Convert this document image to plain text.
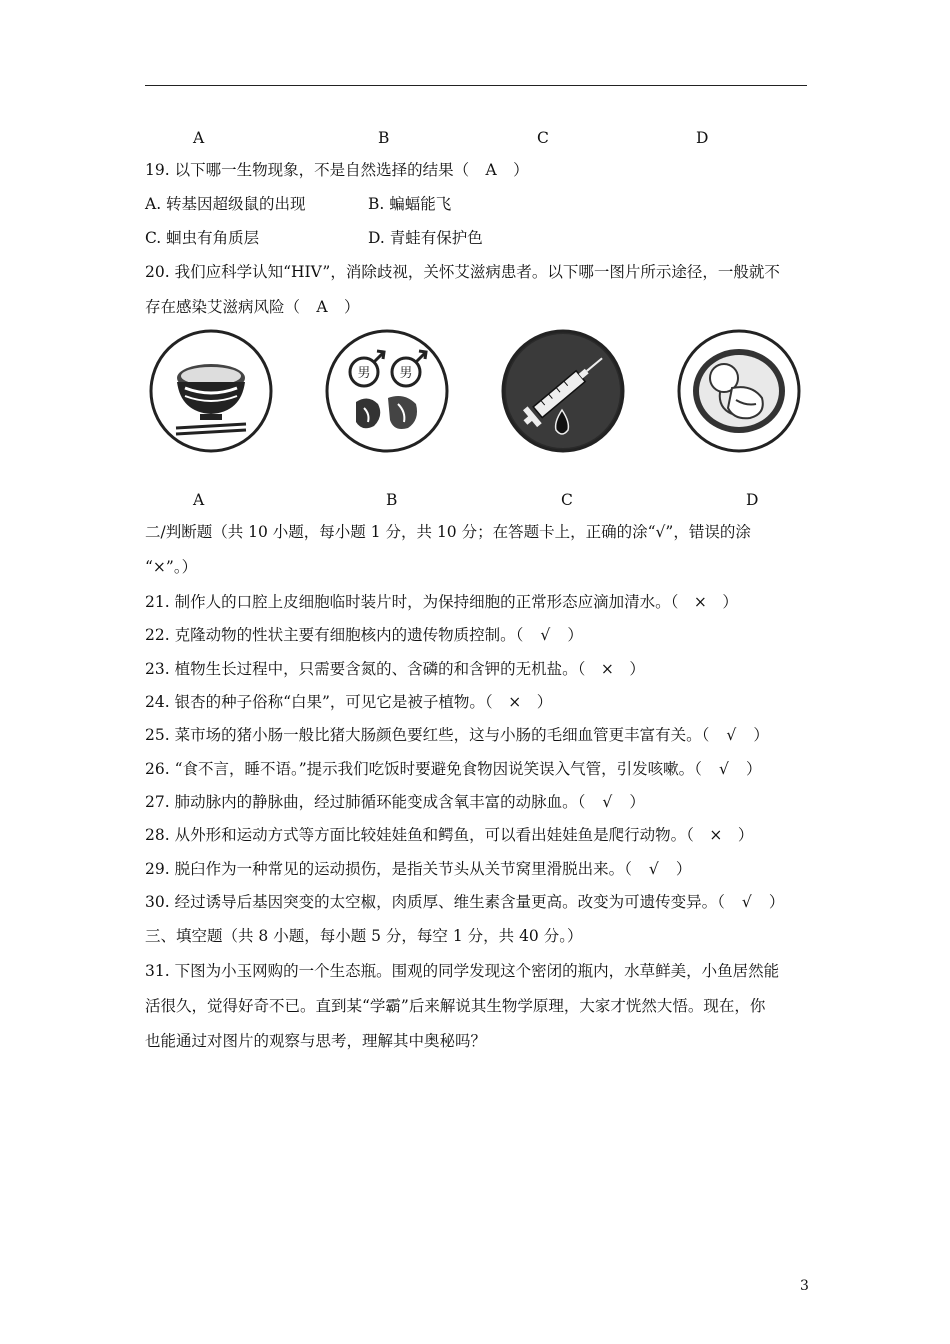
A	B	C	D
19. 以下哪一生物现象，不是自然选择的结果（ A ）
A. 转基因超级鼠的出现	B. 蝙蝠能飞
C. 蛔虫有角质层	D. 青蛙有保护色
20. 我们应科学认知“HIV”，消除歧视，关怀艾滋病患者。以下哪一图片所示途径，一般就不
存在感染艾滋病风险（ A ）
男 男
A	B	C	D
二/判断题（共 10 小题，每小题 1 分，共 10 分；在答题卡上，正确的涂“√”，错误的涂
“×”。）
21. 制作人的口腔上皮细胞临时装片时，为保持细胞的正常形态应滴加清水。（ × ）
22. 克隆动物的性状主要有细胞核内的遗传物质控制。（ √ ）
23. 植物生长过程中，只需要含氮的、含磷的和含钾的无机盐。（ × ）
24. 银杏的种子俗称“白果”，可见它是被子植物。（ × ）
25. 菜市场的猪小肠一般比猪大肠颜色要红些，这与小肠的毛细血管更丰富有关。（ √ ）
26. “食不言，睡不语。”提示我们吃饭时要避免食物因说笑误入气管，引发咳嗽。（ √ ）
27. 肺动脉内的静脉曲，经过肺循环能变成含氧丰富的动脉血。（ √ ）
28. 从外形和运动方式等方面比较娃娃鱼和鳄鱼，可以看出娃娃鱼是爬行动物。（ × ）
29. 脱臼作为一种常见的运动损伤，是指关节头从关节窝里滑脱出来。（ √ ）
30. 经过诱导后基因突变的太空椒，肉质厚、维生素含量更高。改变为可遗传变异。（ √ ）
三、填空题（共 8 小题，每小题 5 分，每空 1 分，共 40 分。）
31. 下图为小玉网购的一个生态瓶。围观的同学发现这个密闭的瓶内，水草鲜美，小鱼居然能
活很久，觉得好奇不已。直到某“学霸”后来解说其生物学原理，大家才恍然大悟。现在，你
也能通过对图片的观察与思考，理解其中奥秘吗？
3
